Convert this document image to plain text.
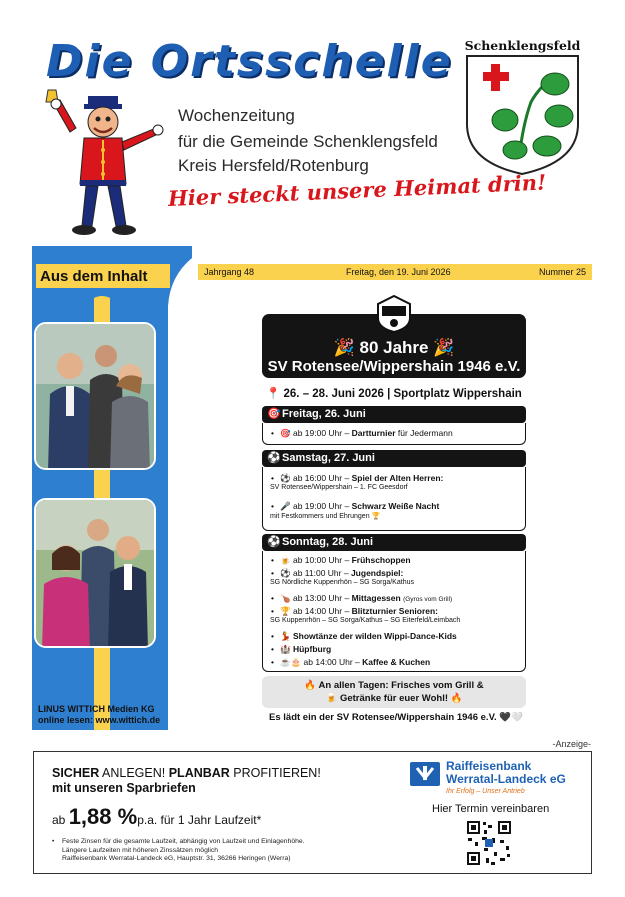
Die Ortsschelle
Wochenzeitung
für die Gemeinde Schenklengsfeld
Kreis Hersfeld/Rotenburg
Hier steckt unsere Heimat drin!
Schenklengsfeld
Aus dem Inhalt
LINUS WITTICH Medien KG
online lesen: www.wittich.de
Jahrgang 48	Freitag, den 19. Juni 2026	Nummer 25
🎉 80 Jahre 🎉
SV Rotensee/Wippershain 1946 e.V.
📍 26. – 28. Juni 2026 | Sportplatz Wippershain
🎯 Freitag, 26. Juni
• 🎯 ab 19:00 Uhr – Dartturnier für Jedermann
⚽ Samstag, 27. Juni
• ⚽ ab 16:00 Uhr – Spiel der Alten Herren:
SV Rotensee/Wippershain – 1. FC Geesdorf
• 🎤 ab 19:00 Uhr – Schwarz Weiße Nacht
mit Festkommers und Ehrungen 🏆
⚽ Sonntag, 28. Juni
• 🍺 ab 10:00 Uhr – Frühschoppen
• ⚽ ab 11:00 Uhr – Jugendspiel:
SG Nördliche Kuppenrhön – SG Sorga/Kathus
• 🍗 ab 13:00 Uhr – Mittagessen (Gyros vom Grill)
• 🏆 ab 14:00 Uhr – Blitzturnier Senioren:
SG Kuppenrhön – SG Sorga/Kathus – SG Eiterfeld/Leimbach
• 💃 Showtänze der wilden Wippi-Dance-Kids
• 🏰 Hüpfburg
• ☕🎂 ab 14:00 Uhr – Kaffee & Kuchen
🔥 An allen Tagen: Frisches vom Grill &
🍺 Getränke für euer Wohl! 🔥
Es lädt ein der SV Rotensee/Wippershain 1946 e.V. 🖤🤍
-Anzeige-
SICHER ANLEGEN! PLANBAR PROFITIEREN!
mit unseren Sparbriefen
ab 1,88 %p.a. für 1 Jahr Laufzeit*
• Feste Zinsen für die gesamte Laufzeit, abhängig von Laufzeit und Einlagenhöhe.
Längere Laufzeiten mit höheren Zinssätzen möglich
Raiffeisenbank Werratal-Landeck eG, Hauptstr. 31, 36266 Heringen (Werra)
Raiffeisenbank
Werratal-Landeck eG
Ihr Erfolg – Unser Antrieb
Hier Termin vereinbaren
